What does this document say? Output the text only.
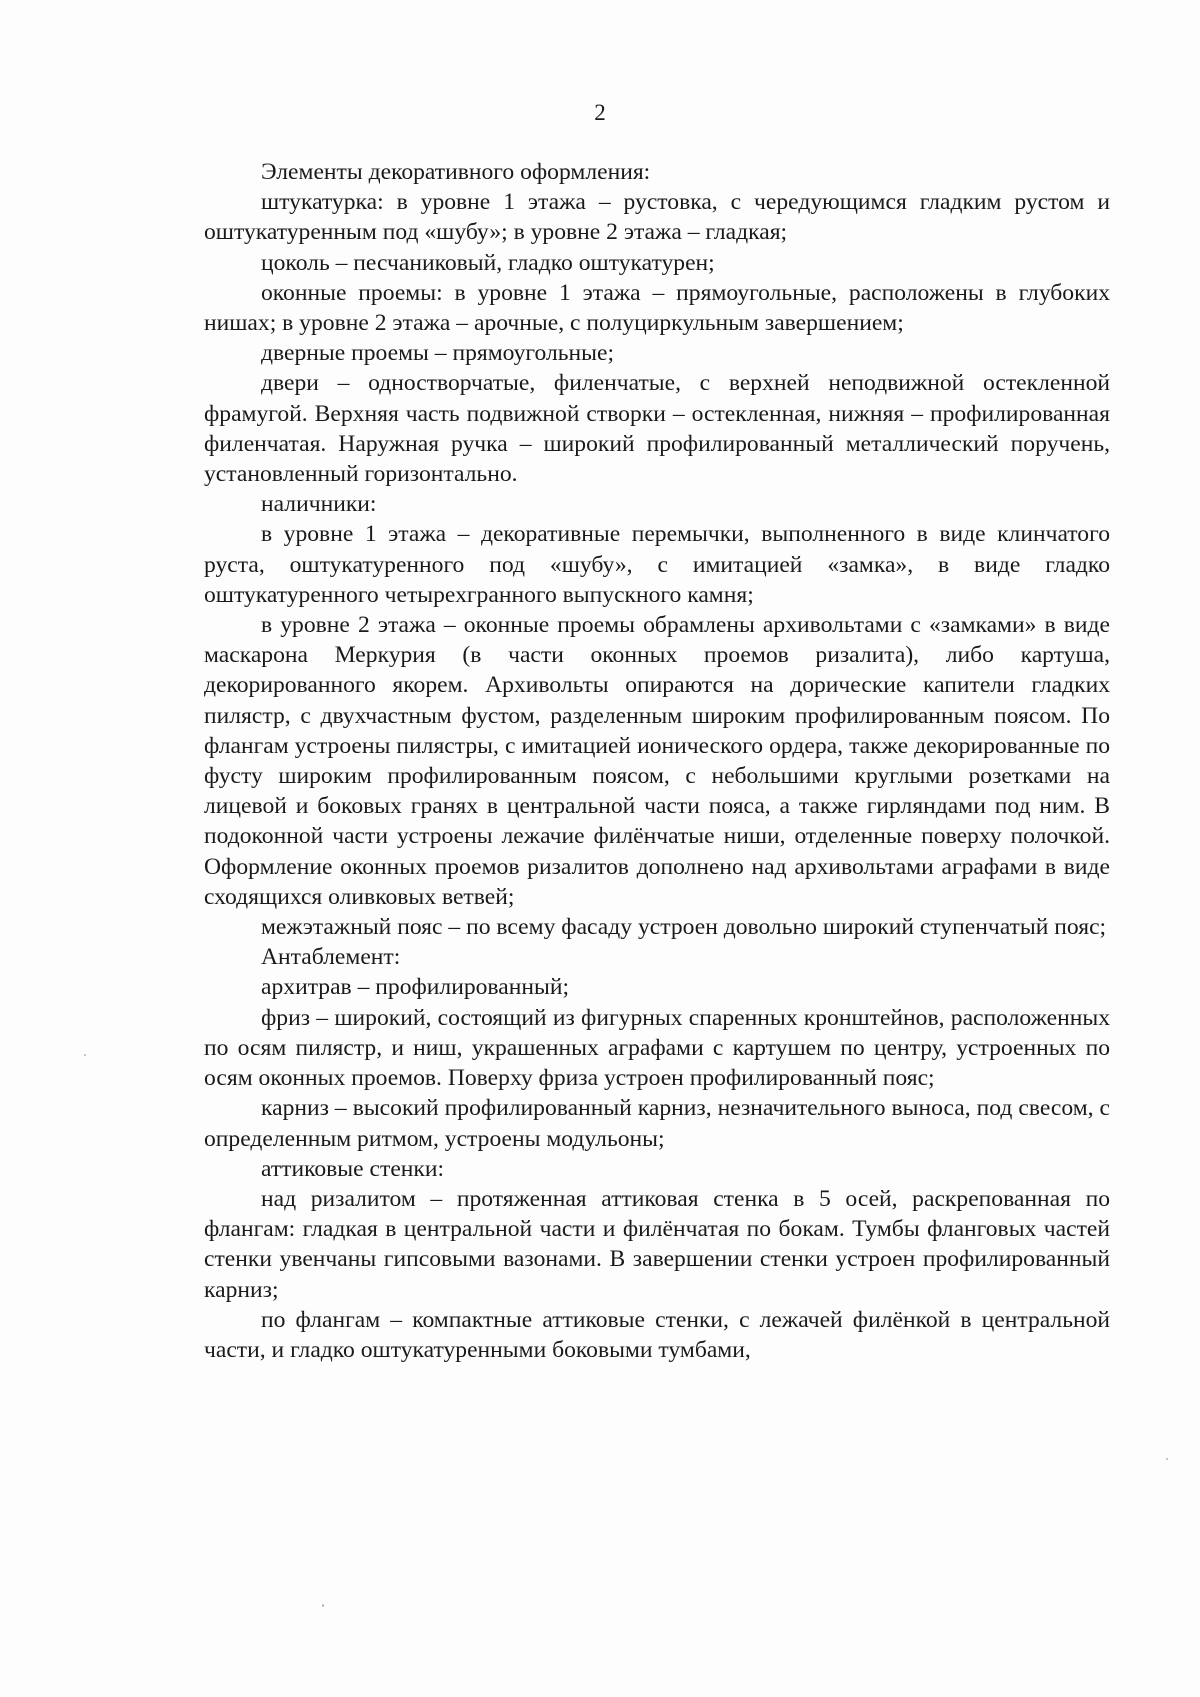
2

Элементы декоративного оформления:

штукатурка: в уровне 1 этажа – рустовка, с чередующимся гладким рустом и оштукатуренным под «шубу»; в уровне 2 этажа – гладкая;

цоколь – песчаниковый, гладко оштукатурен;

оконные проемы: в уровне 1 этажа – прямоугольные, расположены в глубоких нишах; в уровне 2 этажа – арочные, с полуциркульным завершением;

дверные проемы – прямоугольные;

двери – одностворчатые, филенчатые, с верхней неподвижной остекленной фрамугой. Верхняя часть подвижной створки – остекленная, нижняя – профилированная филенчатая. Наружная ручка – широкий профилированный металлический поручень, установленный горизонтально.

наличники:

в уровне 1 этажа – декоративные перемычки, выполненного в виде клинчатого руста, оштукатуренного под «шубу», с имитацией «замка», в виде гладко оштукатуренного четырехгранного выпускного камня;

в уровне 2 этажа – оконные проемы обрамлены архивольтами с «замками» в виде маскарона Меркурия (в части оконных проемов ризалита), либо картуша, декорированного якорем. Архивольты опираются на дорические капители гладких пилястр, с двухчастным фустом, разделенным широким профилированным поясом. По флангам устроены пилястры, с имитацией ионического ордера, также декорированные по фусту широким профилированным поясом, с небольшими круглыми розетками на лицевой и боковых гранях в центральной части пояса, а также гирляндами под ним. В подоконной части устроены лежачие филёнчатые ниши, отделенные поверху полочкой. Оформление оконных проемов ризалитов дополнено над архивольтами аграфами в виде сходящихся оливковых ветвей;

межэтажный пояс – по всему фасаду устроен довольно широкий ступенчатый пояс;

Антаблемент:

архитрав – профилированный;

фриз – широкий, состоящий из фигурных спаренных кронштейнов, расположенных по осям пилястр, и ниш, украшенных аграфами с картушем по центру, устроенных по осям оконных проемов. Поверху фриза устроен профилированный пояс;

карниз – высокий профилированный карниз, незначительного выноса, под свесом, с определенным ритмом, устроены модульоны;

аттиковые стенки:

над ризалитом – протяженная аттиковая стенка в 5 осей, раскрепованная по флангам: гладкая в центральной части и филёнчатая по бокам. Тумбы фланговых частей стенки увенчаны гипсовыми вазонами. В завершении стенки устроен профилированный карниз;

по флангам – компактные аттиковые стенки, с лежачей филёнкой в центральной части, и гладко оштукатуренными боковыми тумбами,
